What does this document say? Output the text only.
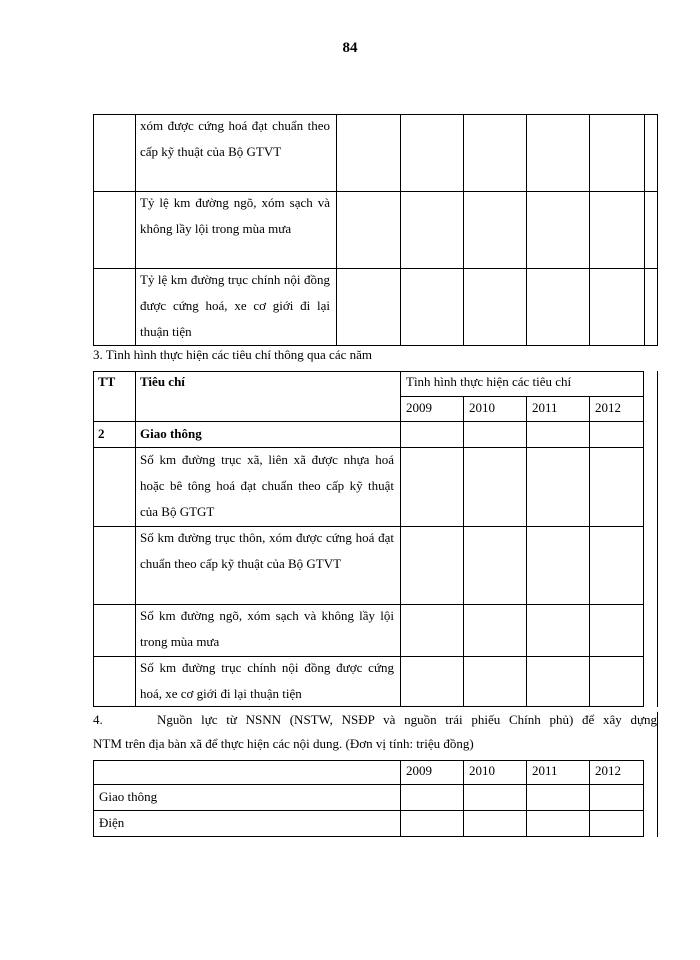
84
xóm được cứng hoá đạt chuẩn theo cấp kỹ thuật của Bộ GTVT
Tỷ lệ km đường ngõ, xóm sạch và không lầy lội trong mùa mưa
Tỷ lệ km đường trục chính nội đồng được cứng hoá, xe cơ giới đi lại thuận tiện
3. Tình hình thực hiện các tiêu chí thông qua các năm
TT Tiêu chí	Tình hình thực hiện các tiêu chí
2009	2010	2011	2012
2	Giao thông
Số km đường trục xã, liên xã được nhựa hoá hoặc bê tông hoá đạt chuẩn theo cấp kỹ thuật của Bộ GTGT
Số km đường trục thôn, xóm được cứng hoá đạt chuẩn theo cấp kỹ thuật của Bộ GTVT
Số km đường ngõ, xóm sạch và không lầy lội trong mùa mưa
Số km đường trục chính nội đồng được cứng hoá, xe cơ giới đi lại thuận tiện
4.	Nguồn lực từ NSNN (NSTW, NSĐP và nguồn trái phiếu Chính phủ) để xây dựng
NTM trên địa bàn xã để thực hiện các nội dung. (Đơn vị tính: triệu đồng)
2009	2010	2011	2012
Giao thông
Điện
